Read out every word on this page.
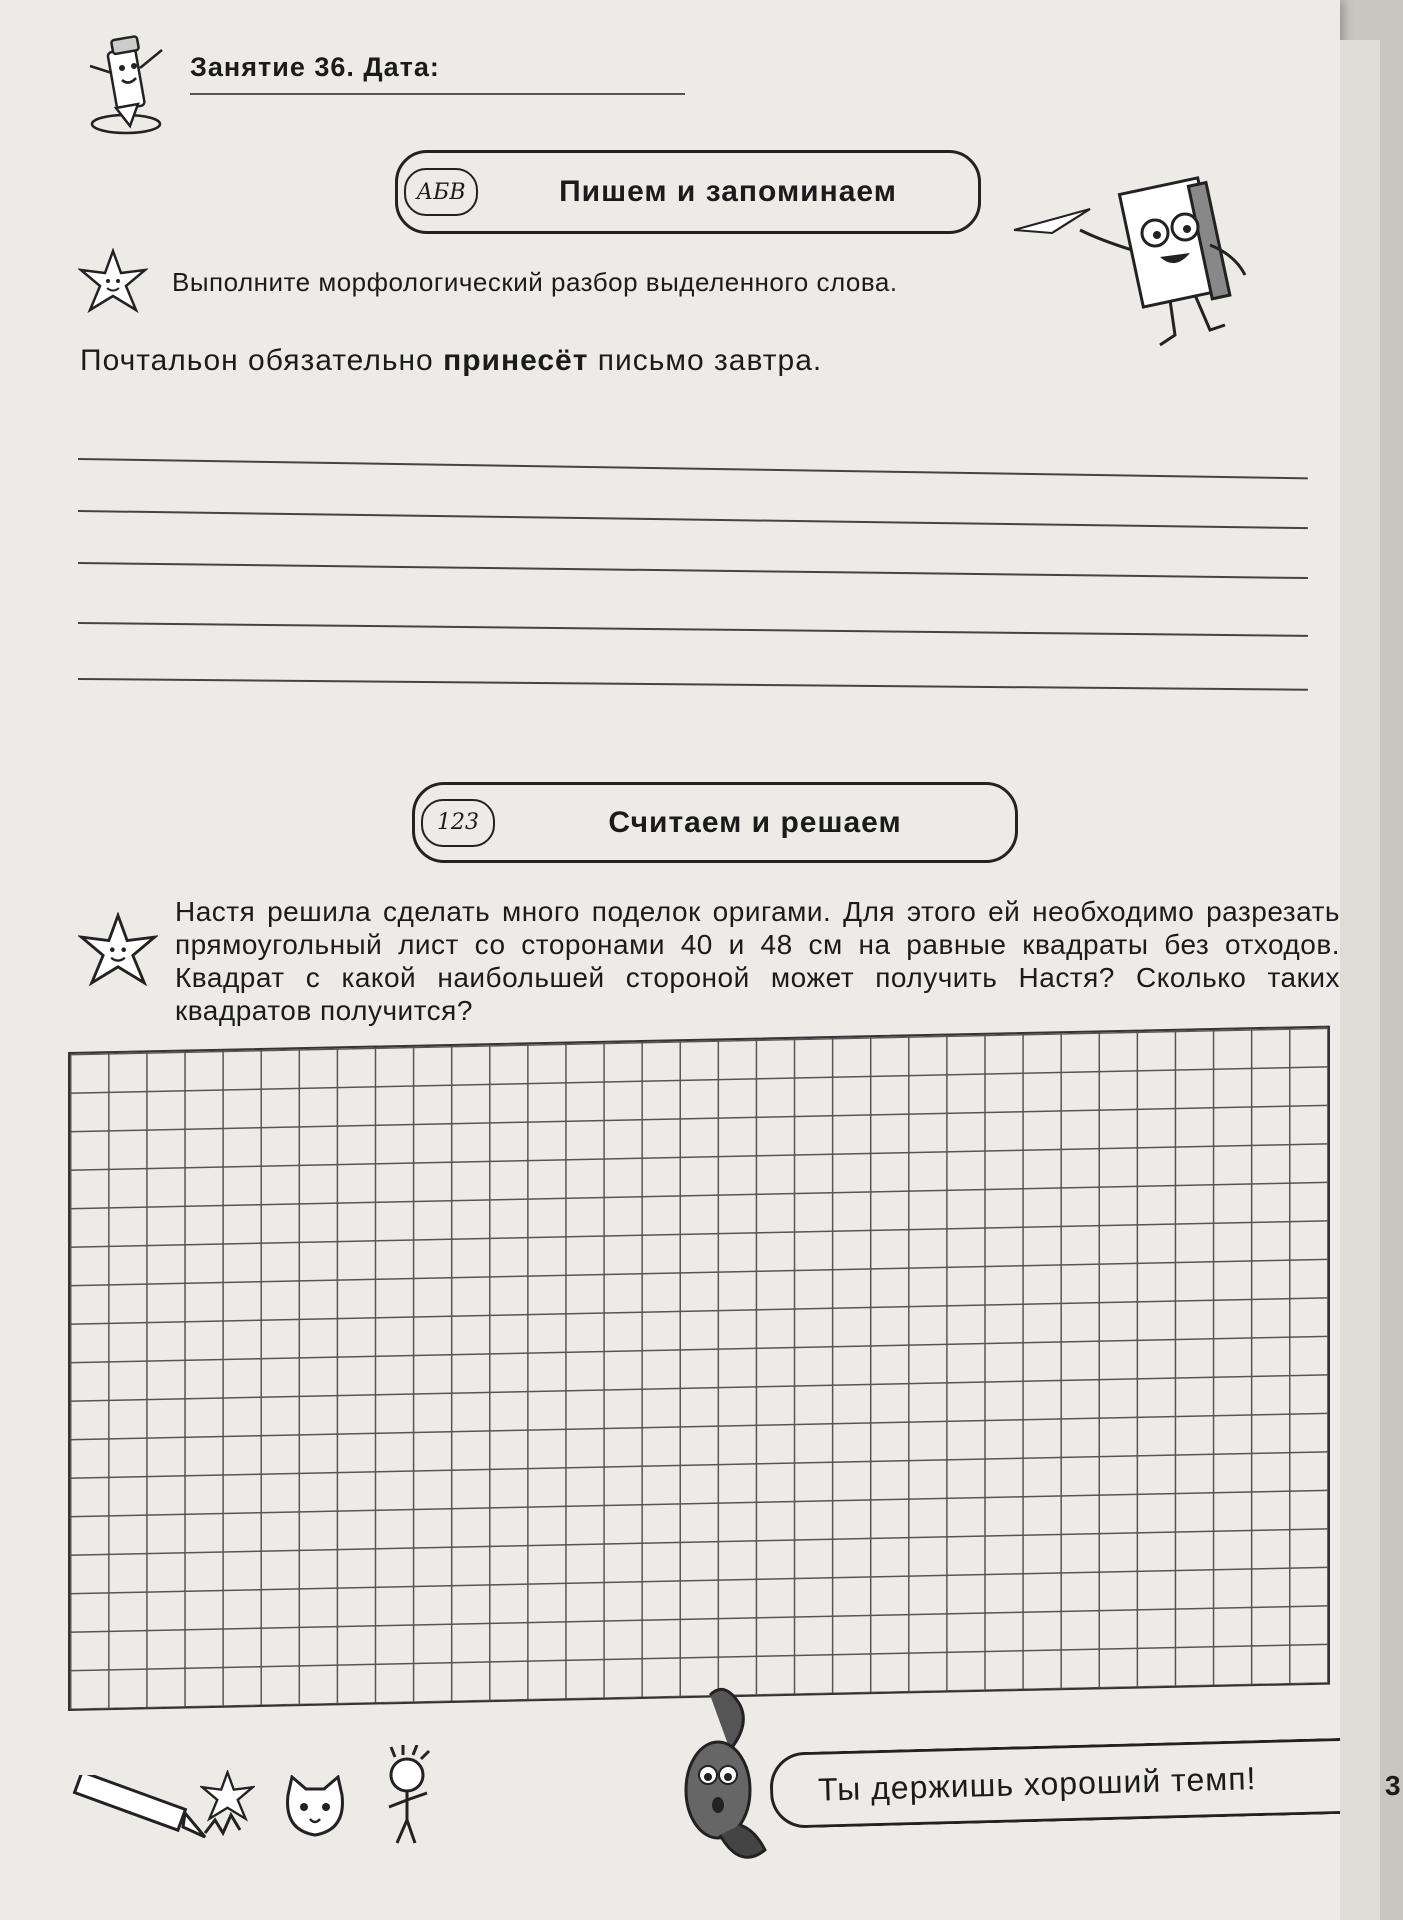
Занятие 36. Дата:
АБВ	Пишем и запоминаем
Выполните морфологический разбор выделенного слова.
Почтальон обязательно принесёт письмо завтра.
123	Считаем и решаем
Настя решила сделать много поделок оригами. Для этого ей необходимо разрезать прямоугольный лист со сторонами 40 и 48 см на равные квадраты без отходов. Квадрат с какой наибольшей стороной может получить Настя? Сколько таких квадратов получится?
Ты держишь хороший темп!	3
